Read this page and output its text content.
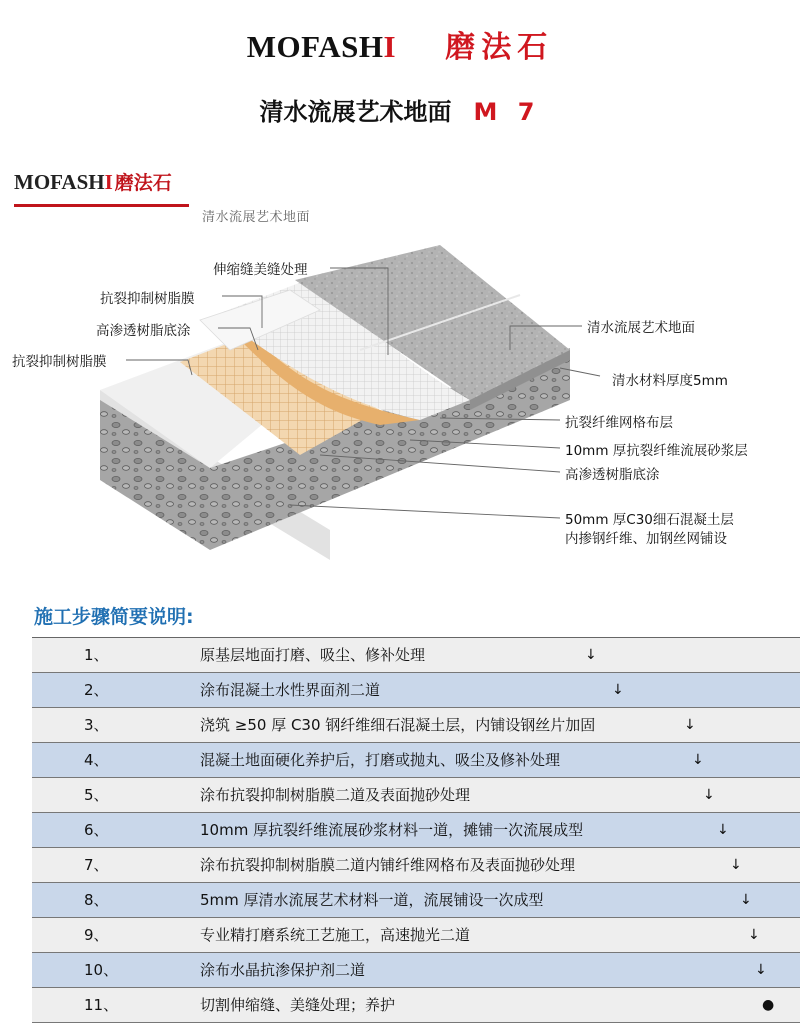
MOFASHI 磨法石
清水流展艺术地面 M 7
MOFASHI 磨法石
清水流展艺术地面
伸缩缝美缝处理
抗裂抑制树脂膜
高渗透树脂底涂
抗裂抑制树脂膜
清水流展艺术地面
清水材料厚度5mm
抗裂纤维网格布层
10mm 厚抗裂纤维流展砂浆层
高渗透树脂底涂
50mm 厚C30细石混凝土层
内掺钢纤维、加钢丝网铺设
施工步骤简要说明:
1、	原基层地面打磨、吸尘、修补处理	↓
2、	涂布混凝土水性界面剂二道	↓
3、	浇筑 ≥50 厚 C30 钢纤维细石混凝土层，内铺设钢丝片加固	↓
4、	混凝土地面硬化养护后，打磨或抛丸、吸尘及修补处理	↓
5、	涂布抗裂抑制树脂膜二道及表面抛砂处理	↓
6、	10mm 厚抗裂纤维流展砂浆材料一道，摊铺一次流展成型	↓
7、	涂布抗裂抑制树脂膜二道内铺纤维网格布及表面抛砂处理	↓
8、	5mm 厚清水流展艺术材料一道，流展铺设一次成型	↓
9、	专业精打磨系统工艺施工，高速抛光二道	↓
10、	涂布水晶抗渗保护剂二道	↓
11、	切割伸缩缝、美缝处理；养护	●
